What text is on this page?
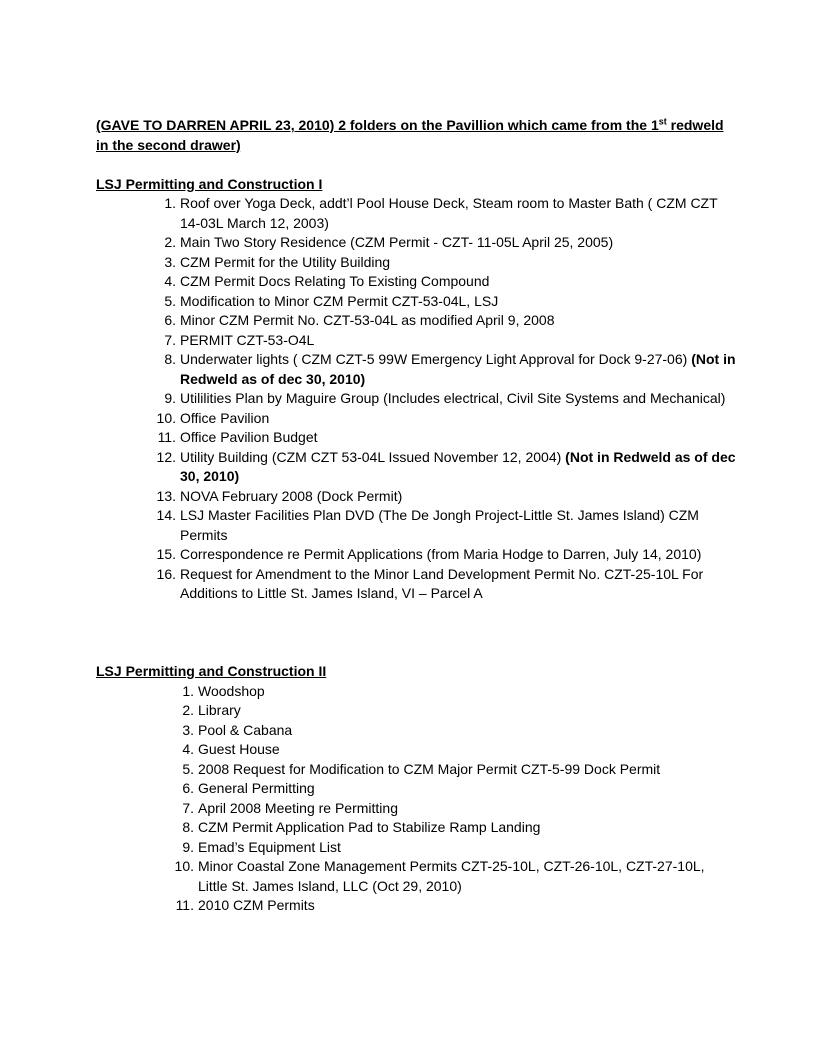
(GAVE TO DARREN APRIL 23, 2010) 2 folders on the Pavillion which came from the 1st redweld in the second drawer)

LSJ Permitting and Construction I

1. Roof over Yoga Deck, addt’l Pool House Deck, Steam room to Master Bath ( CZM CZT 14-03L March 12, 2003)
2. Main Two Story Residence (CZM Permit - CZT- 11-05L April 25, 2005)
3. CZM Permit for the Utility Building
4. CZM Permit Docs Relating To Existing Compound
5. Modification to Minor CZM Permit CZT-53-04L, LSJ
6. Minor CZM Permit No. CZT-53-04L as modified April 9, 2008
7. PERMIT CZT-53-O4L
8. Underwater lights ( CZM CZT-5 99W Emergency Light Approval for Dock 9-27-06) (Not in Redweld as of dec 30, 2010)
9. Utililities Plan by Maguire Group (Includes electrical, Civil Site Systems and Mechanical)
10. Office Pavilion
11. Office Pavilion Budget
12. Utility Building (CZM CZT 53-04L Issued November 12, 2004) (Not in Redweld as of dec 30, 2010)
13. NOVA February 2008 (Dock Permit)
14. LSJ Master Facilities Plan DVD (The De Jongh Project-Little St. James Island) CZM Permits
15. Correspondence re Permit Applications (from Maria Hodge to Darren, July 14, 2010)
16. Request for Amendment to the Minor Land Development Permit No. CZT-25-10L For Additions to Little St. James Island, VI – Parcel A

LSJ Permitting and Construction II

1. Woodshop
2. Library
3. Pool & Cabana
4. Guest House
5. 2008 Request for Modification to CZM Major Permit CZT-5-99 Dock Permit
6. General Permitting
7. April 2008 Meeting re Permitting
8. CZM Permit Application Pad to Stabilize Ramp Landing
9. Emad’s Equipment List
10. Minor Coastal Zone Management Permits CZT-25-10L, CZT-26-10L, CZT-27-10L, Little St. James Island, LLC (Oct 29, 2010)
11. 2010 CZM Permits
